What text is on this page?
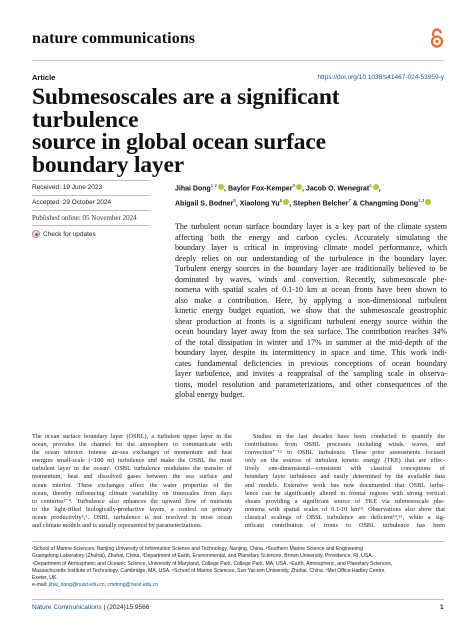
nature communications
Article	https://doi.org/10.1038/s41467-024-53959-y
Submesoscales are a significant turbulence
source in global ocean surface
boundary layer
Received: 19 June 2023
Accepted: 29 October 2024
Published online: 05 November 2024
Check for updates
Jihai Dong$^{1,2}$ , Baylor Fox-Kemper$^3$ , Jacob O. Wenegrat$^4$ ,
Abigail S. Bodner$^5$, Xiaolong Yu$^6$ , Stephen Belcher$^7$ & Changming Dong$^{1,2}$
The turbulent ocean surface boundary layer is a key part of the climate system
affecting both the energy and carbon cycles. Accurately simulating the
boundary layer is critical in improving climate model performance, which
deeply relies on our understanding of the turbulence in the boundary layer.
Turbulent energy sources in the boundary layer are traditionally believed to be
dominated by waves, winds and convection. Recently, submesoscale phe-
nomena with spatial scales of 0.1-10 km at ocean fronts have been shown to
also make a contribution. Here, by applying a non-dimensional turbulent
kinetic energy budget equation, we show that the submesoscale geostrophic
shear production at fronts is a significant turbulent energy source within the
ocean boundary layer away from the sea surface. The contribution reaches 34%
of the total dissipation in winter and 17% in summer at the mid-depth of the
boundary layer, despite its intermittency in space and time. This work indi-
cates fundamental deficiencies in previous conceptions of ocean boundary
layer turbulence, and invites a reappraisal of the sampling scale in observa-
tions, model resolution and parameterizations, and other consequences of the
global energy budget.
The ocean surface boundary layer (OSBL), a turbulent upper layer in the
ocean, provides the channel for the atmosphere to communicate with
the ocean interior. Intense air-sea exchanges of momentum and heat
energize small-scale (<100 m) turbulence and make the OSBL the most
turbulent layer in the ocean¹. OSBL turbulence modulates the transfer of
momentum, heat and dissolved gases between the sea surface and
ocean interior. These exchanges affect the water properties of the
ocean, thereby influencing climate variability on timescales from days
to centuries²⁻⁴. Turbulence also enhances the upward flow of nutrients
to the light-filled biologically-productive layers, a control on primary
ocean productivity⁵,⁶. OSBL turbulence is not resolved in most ocean
and climate models and is usually represented by parameterizations.
Studies in the last decades have been conducted to quantify the
contributions from OSBL processes including winds, waves, and
convection⁷⁻¹² to OSBL turbulence. These prior assessments focused
only on the sources of turbulent kinetic energy (TKE) that are effec-
tively one-dimensional—consistent with classical conceptions of
boundary layer turbulence and easily determined by the available data
and models. Extensive work has now documented that OSBL turbu-
lence can be significantly altered in frontal regions with strong vertical
shears providing a significant source of TKE via submesoscale phe-
nomena with spatial scales of 0.1-10 km¹³. Observations also show that
classical scalings of OBSL turbulence are deficient¹⁴,¹⁵, while a sig-
nificant contribution of fronts to OSBL turbulence has been
¹School of Marine Sciences, Nanjing University of Information Science and Technology, Nanjing, China. ²Southern Marine Science and Engineering
Guangdong Laboratory (Zhuhai), Zhuhai, China. ³Department of Earth, Environmental, and Planetary Sciences, Brown University, Providence, RI, USA.
⁴Department of Atmospheric and Oceanic Science, University of Maryland, College Park, College Park, MA, USA. ⁵Earth, Atmospheric, and Planetary Sciences,
Massachusetts Institute of Technology, Cambridge, MA, USA. ⁶School of Marine Sciences, Sun Yat-sen University, Zhuhai, China. ⁷Met Office Hadley Centre,
Exeter, UK.
e-mail: jihai_dong@nuist.edu.cn; cmdong@nuist.edu.cn
Nature Communications | (2024)15:9566	1
